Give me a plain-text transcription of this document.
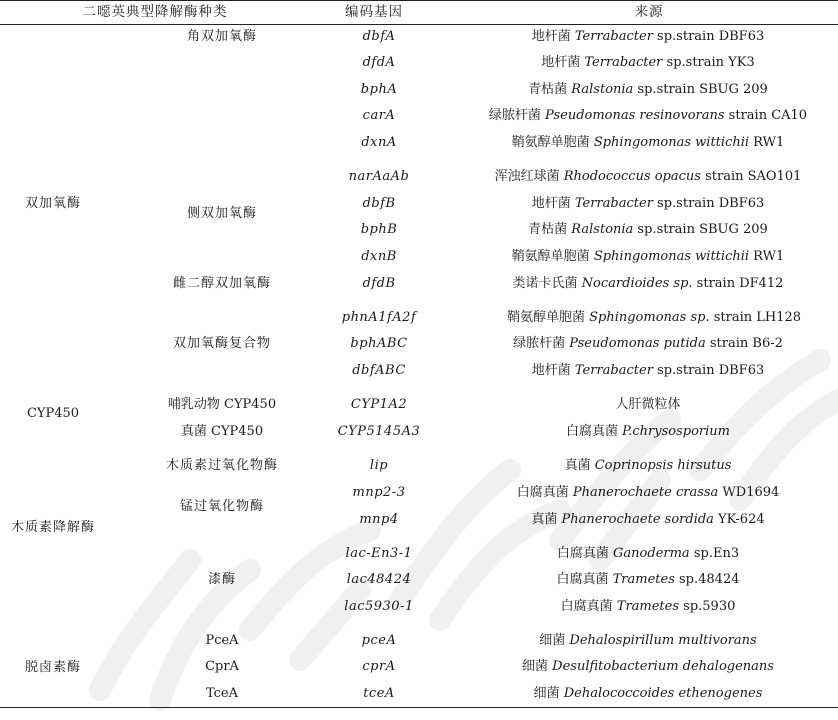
二噁英典型降解酶种类	编码基因	来源
双加氧酶
CYP450
木质素降解酶
脱卤素酶
角双加氧酶
侧双加氧酶
雌二醇双加氧酶
双加氧酶复合物
哺乳动物 CYP450
真菌 CYP450
木质素过氧化物酶
锰过氧化物酶
漆酶
PceA
CprA
TceA
dbfA
dfdA
bphA
carA
dxnA
narAaAb
dbfB
bphB
dxnB
dfdB
phnA1fA2f
bphABC
dbfABC
CYP1A2
CYP5145A3
lip
mnp2-3
mnp4
lac-En3-1
lac48424
lac5930-1
pceA
cprA
tceA
地杆菌 Terrabacter sp.strain DBF63
地杆菌 Terrabacter sp.strain YK3
青枯菌 Ralstonia sp.strain SBUG 209
绿脓杆菌 Pseudomonas resinovorans strain CA10
鞘氨醇单胞菌 Sphingomonas wittichii RW1
浑浊红球菌 Rhodococcus opacus strain SAO101
地杆菌 Terrabacter sp.strain DBF63
青枯菌 Ralstonia sp.strain SBUG 209
鞘氨醇单胞菌 Sphingomonas wittichii RW1
类诺卡氏菌 Nocardioides sp. strain DF412
鞘氨醇单胞菌 Sphingomonas sp. strain LH128
绿脓杆菌 Pseudomonas putida strain B6-2
地杆菌 Terrabacter sp.strain DBF63
人肝微粒体
白腐真菌 P.chrysosporium
真菌 Coprinopsis hirsutus
白腐真菌 Phanerochaete crassa WD1694
真菌 Phanerochaete sordida YK-624
白腐真菌 Ganoderma sp.En3
白腐真菌 Trametes sp.48424
白腐真菌 Trametes sp.5930
细菌 Dehalospirillum multivorans
细菌 Desulfitobacterium dehalogenans
细菌 Dehalococcoides ethenogenes
